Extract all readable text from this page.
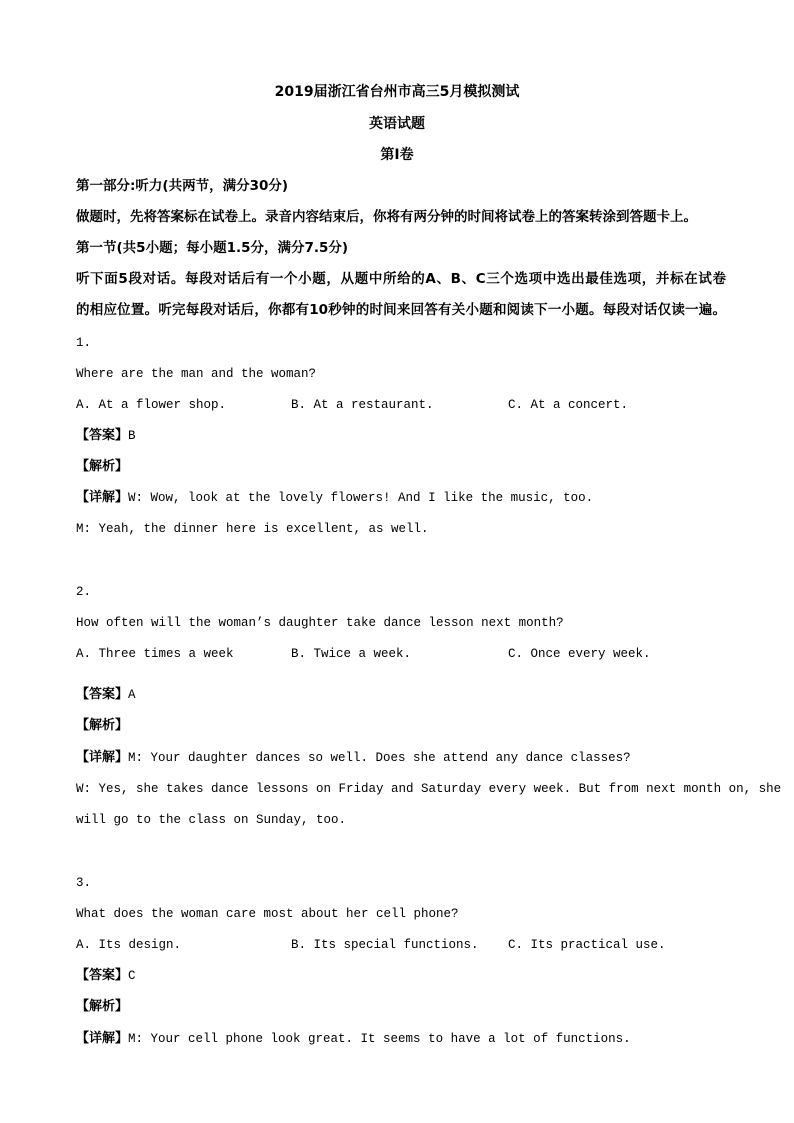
2019届浙江省台州市高三5月模拟测试
英语试题
第Ⅰ卷
第一部分:听力(共两节，满分30分)
做题时，先将答案标在试卷上。录音内容结束后，你将有两分钟的时间将试卷上的答案转涂到答题卡上。
第一节(共5小题；每小题1.5分，满分7.5分)
听下面5段对话。每段对话后有一个小题，从题中所给的A、B、C三个选项中选出最佳选项，并标在试卷
的相应位置。听完每段对话后，你都有10秒钟的时间来回答有关小题和阅读下一小题。每段对话仅读一遍。
1.
Where are the man and the woman?
A. At a flower shop.	B. At a restaurant.	C. At a concert.
【答案】B
【解析】
【详解】W: Wow, look at the lovely flowers! And I like the music, too.
M: Yeah, the dinner here is excellent, as well.
2.
How often will the woman’s daughter take dance lesson next month?
A. Three times a week	B. Twice a week.	C. Once every week.
【答案】A
【解析】
【详解】M: Your daughter dances so well. Does she attend any dance classes?
W: Yes, she takes dance lessons on Friday and Saturday every week. But from next month on, she
will go to the class on Sunday, too.
3.
What does the woman care most about her cell phone?
A. Its design.	B. Its special functions. C. Its practical use.
【答案】C
【解析】
【详解】M: Your cell phone look great. It seems to have a lot of functions.
